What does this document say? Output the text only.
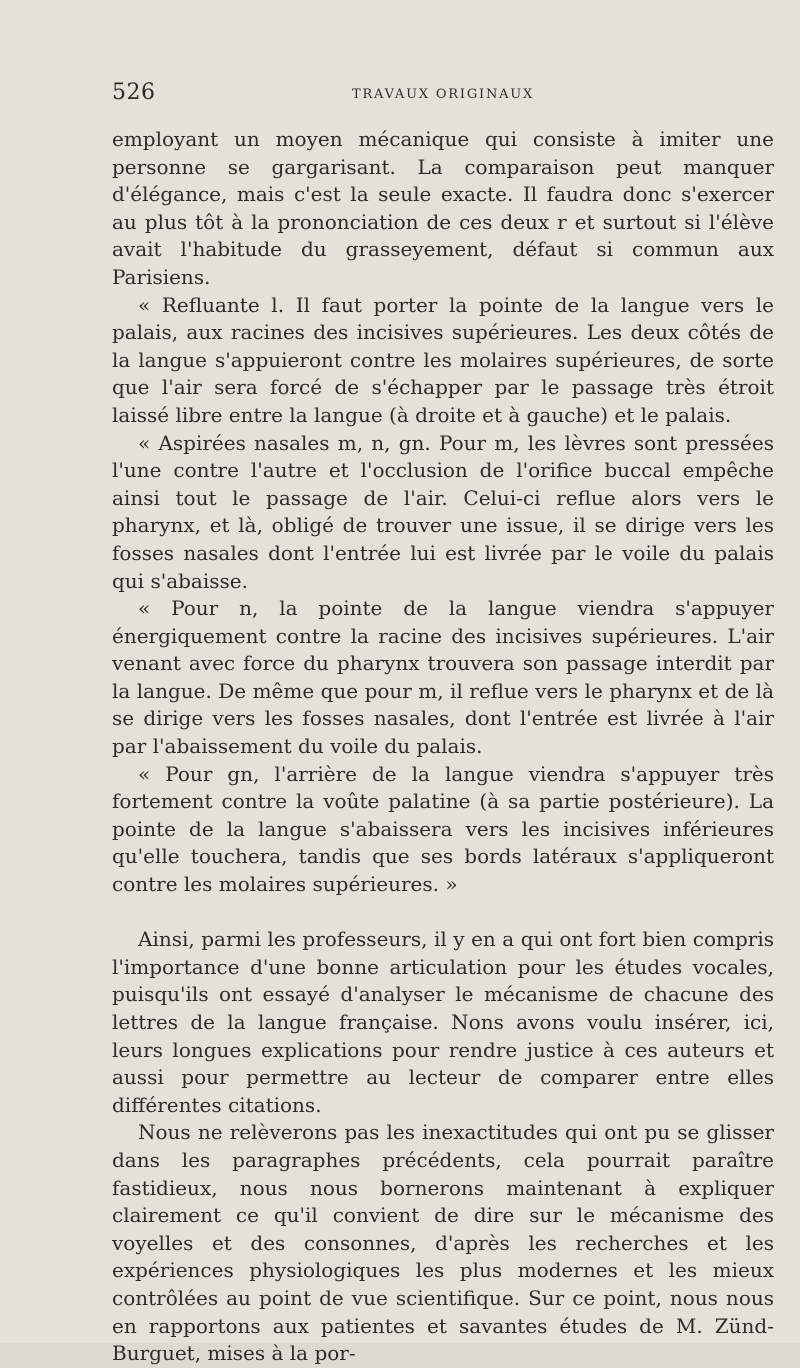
526	TRAVAUX ORIGINAUX

employant un moyen mécanique qui consiste à imiter une personne se gargarisant. La comparaison peut manquer d'élégance, mais c'est la seule exacte. Il faudra donc s'exercer au plus tôt à la prononciation de ces deux r et surtout si l'élève avait l'habitude du grasseyement, défaut si commun aux Parisiens.

« Refluante l. Il faut porter la pointe de la langue vers le palais, aux racines des incisives supérieures. Les deux côtés de la langue s'appuieront contre les molaires supérieures, de sorte que l'air sera forcé de s'échapper par le passage très étroit laissé libre entre la langue (à droite et à gauche) et le palais.

« Aspirées nasales m, n, gn. Pour m, les lèvres sont pressées l'une contre l'autre et l'occlusion de l'orifice buccal empêche ainsi tout le passage de l'air. Celui-ci reflue alors vers le pharynx, et là, obligé de trouver une issue, il se dirige vers les fosses nasales dont l'entrée lui est livrée par le voile du palais qui s'abaisse.

« Pour n, la pointe de la langue viendra s'appuyer énergiquement contre la racine des incisives supérieures. L'air venant avec force du pharynx trouvera son passage interdit par la langue. De même que pour m, il reflue vers le pharynx et de là se dirige vers les fosses nasales, dont l'entrée est livrée à l'air par l'abaissement du voile du palais.

« Pour gn, l'arrière de la langue viendra s'appuyer très fortement contre la voûte palatine (à sa partie postérieure). La pointe de la langue s'abaissera vers les incisives inférieures qu'elle touchera, tandis que ses bords latéraux s'appliqueront contre les molaires supérieures. »

Ainsi, parmi les professeurs, il y en a qui ont fort bien compris l'importance d'une bonne articulation pour les études vocales, puisqu'ils ont essayé d'analyser le mécanisme de chacune des lettres de la langue française. Nons avons voulu insérer, ici, leurs longues explications pour rendre justice à ces auteurs et aussi pour permettre au lecteur de comparer entre elles différentes citations.

Nous ne relèverons pas les inexactitudes qui ont pu se glisser dans les paragraphes précédents, cela pourrait paraître fastidieux, nous nous bornerons maintenant à expliquer clairement ce qu'il convient de dire sur le mécanisme des voyelles et des consonnes, d'après les recherches et les expériences physiologiques les plus modernes et les mieux contrôlées au point de vue scientifique. Sur ce point, nous nous en rapportons aux patientes et savantes études de M. Zünd-Burguet, mises à la por-
